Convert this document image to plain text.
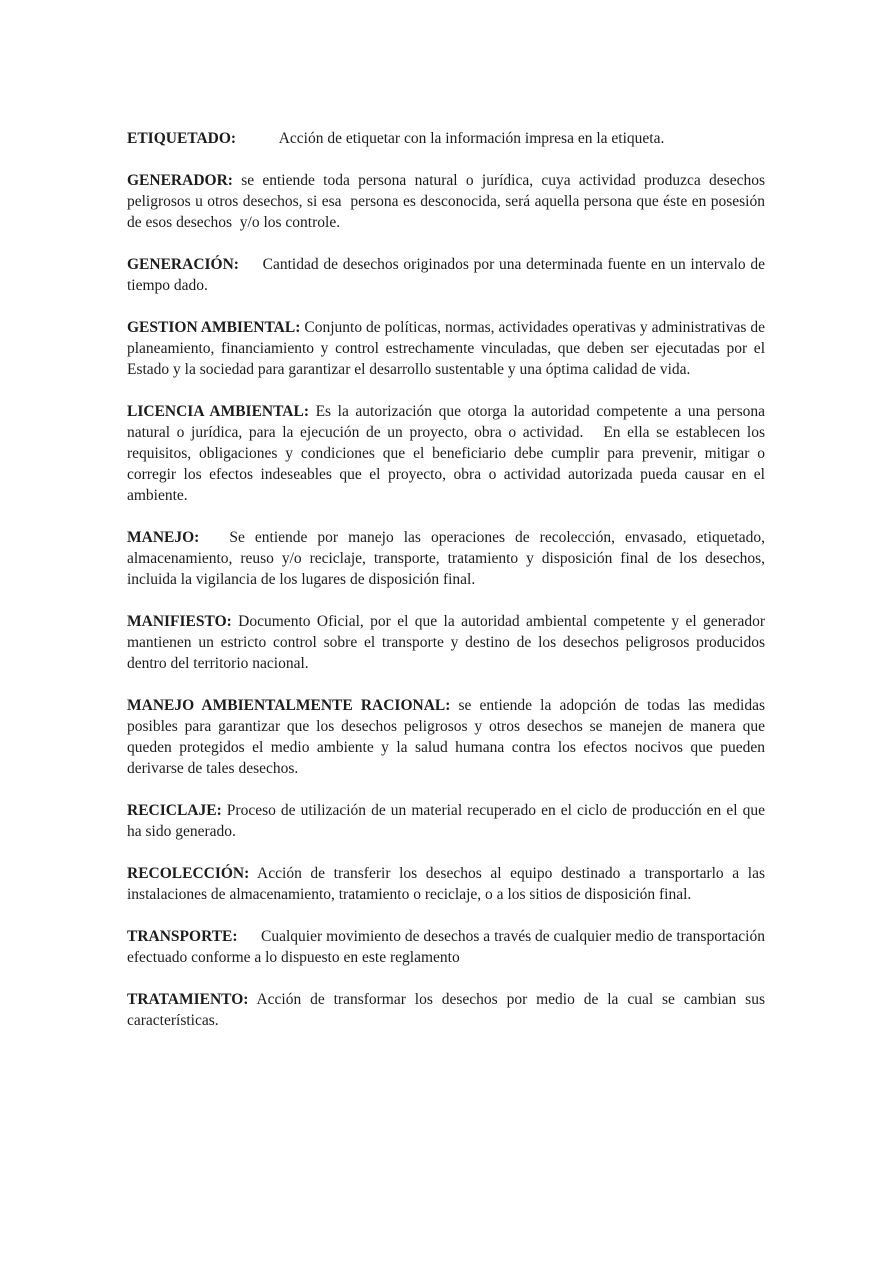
ETIQUETADO:           Acción de etiquetar con la información impresa en la etiqueta.

GENERADOR: se entiende toda persona natural o jurídica, cuya actividad produzca desechos peligrosos u otros desechos, si esa  persona es desconocida, será aquella persona que éste en posesión de esos desechos  y/o los controle.

GENERACIÓN:     Cantidad de desechos originados por una determinada fuente en un intervalo de tiempo dado.

GESTION AMBIENTAL: Conjunto de políticas, normas, actividades operativas y administrativas de planeamiento, financiamiento y control estrechamente vinculadas, que deben ser ejecutadas por el Estado y la sociedad para garantizar el desarrollo sustentable y una óptima calidad de vida.

LICENCIA AMBIENTAL: Es la autorización que otorga la autoridad competente a una persona natural o jurídica, para la ejecución de un proyecto, obra o actividad.   En ella se establecen los requisitos, obligaciones y condiciones que el beneficiario debe cumplir para prevenir, mitigar o corregir los efectos indeseables que el proyecto, obra o actividad autorizada pueda causar en el ambiente.

MANEJO:   Se entiende por manejo las operaciones de recolección, envasado, etiquetado, almacenamiento, reuso y/o reciclaje, transporte, tratamiento y disposición final de los desechos, incluida la vigilancia de los lugares de disposición final.

MANIFIESTO: Documento Oficial, por el que la autoridad ambiental competente y el generador mantienen un estricto control sobre el transporte y destino de los desechos peligrosos producidos dentro del territorio nacional.

MANEJO AMBIENTALMENTE RACIONAL: se entiende la adopción de todas las medidas posibles para garantizar que los desechos peligrosos y otros desechos se manejen de manera que queden protegidos el medio ambiente y la salud humana contra los efectos nocivos que pueden derivarse de tales desechos.

RECICLAJE: Proceso de utilización de un material recuperado en el ciclo de producción en el que ha sido generado.

RECOLECCIÓN: Acción de transferir los desechos al equipo destinado a transportarlo a las instalaciones de almacenamiento, tratamiento o reciclaje, o a los sitios de disposición final.

TRANSPORTE:      Cualquier movimiento de desechos a través de cualquier medio de transportación efectuado conforme a lo dispuesto en este reglamento

TRATAMIENTO: Acción de transformar los desechos por medio de la cual se cambian sus características.
